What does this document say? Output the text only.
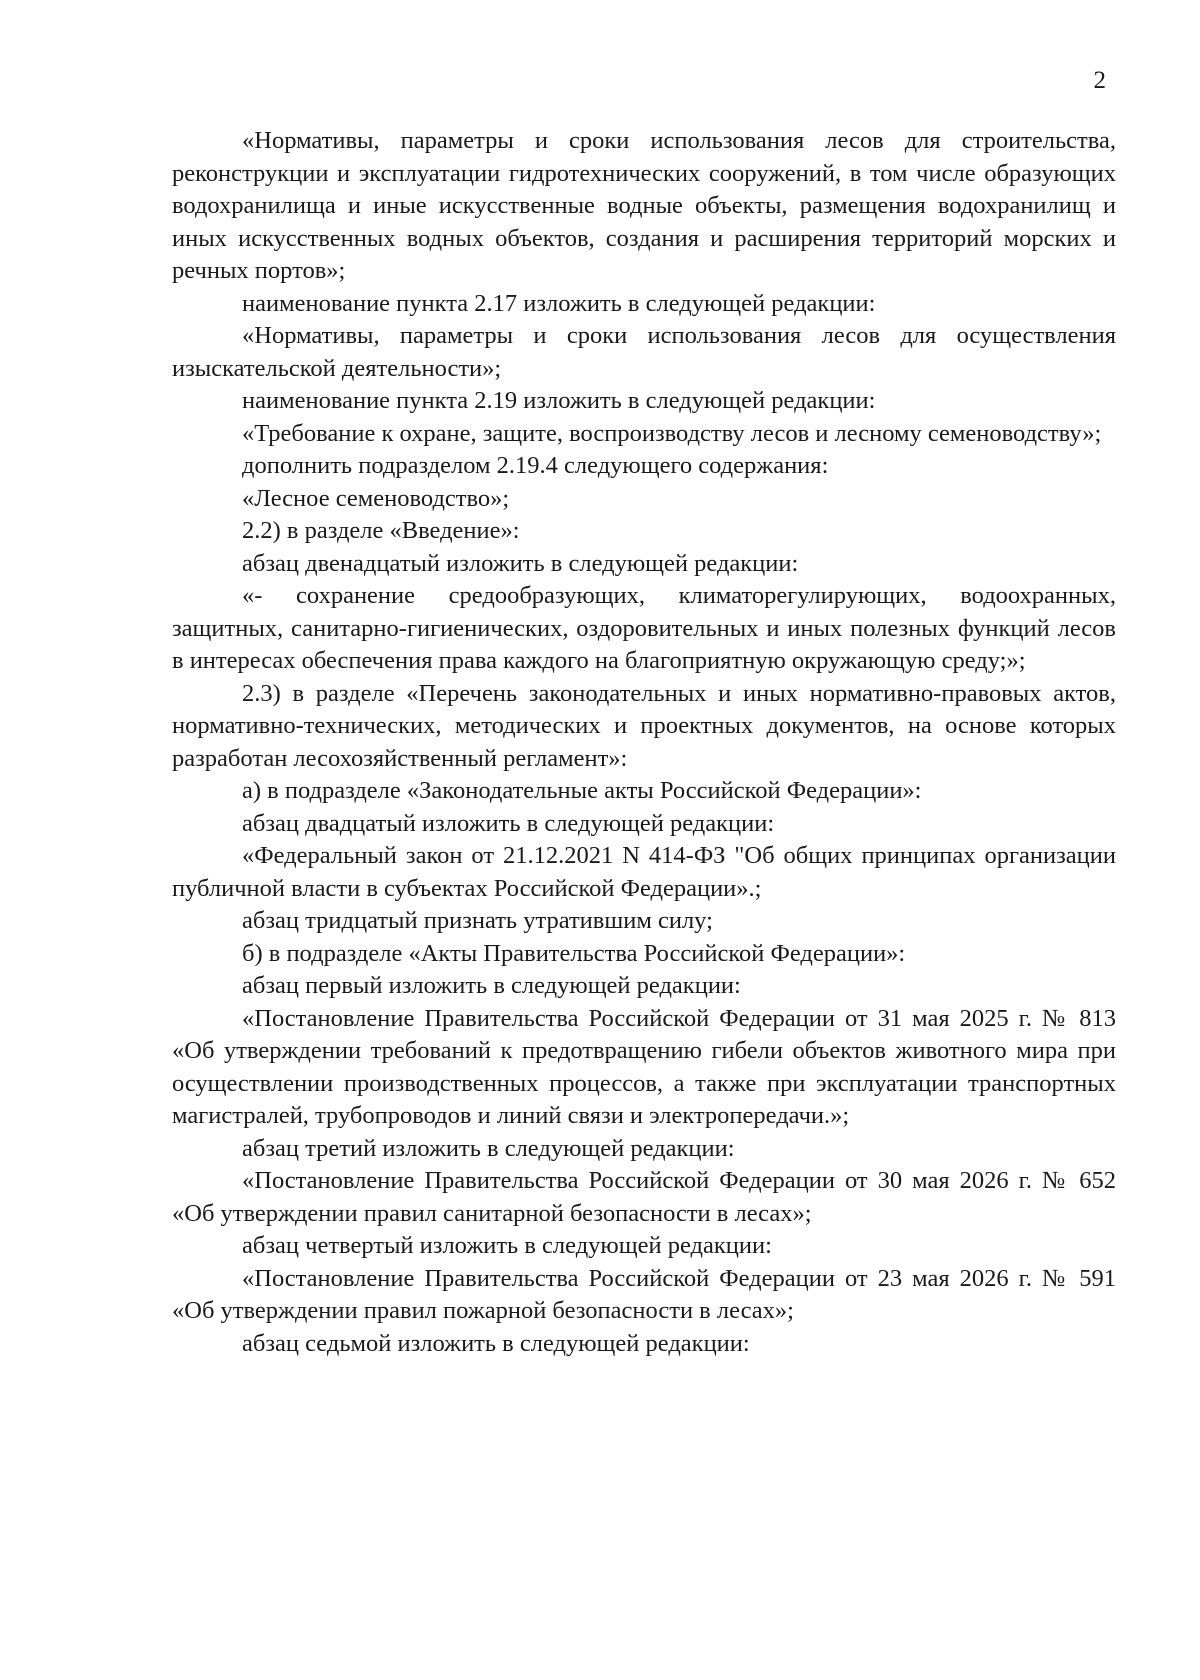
2

«Нормативы, параметры и сроки использования лесов для строительства, реконструкции и эксплуатации гидротехнических сооружений, в том числе образующих водохранилища и иные искусственные водные объекты, размещения водохранилищ и иных искусственных водных объектов, создания и расширения территорий морских и речных портов»;

наименование пункта 2.17 изложить в следующей редакции:

«Нормативы, параметры и сроки использования лесов для осуществления изыскательской деятельности»;

наименование пункта 2.19 изложить в следующей редакции:

«Требование к охране, защите, воспроизводству лесов и лесному семеноводству»;

дополнить подразделом 2.19.4 следующего содержания:

«Лесное семеноводство»;

2.2) в разделе «Введение»:

абзац двенадцатый изложить в следующей редакции:

«- сохранение средообразующих, климаторегулирующих, водоохранных, защитных, санитарно-гигиенических, оздоровительных и иных полезных функций лесов в интересах обеспечения права каждого на благоприятную окружающую среду;»;

2.3) в разделе «Перечень законодательных и иных нормативно-правовых актов, нормативно-технических, методических и проектных документов, на основе которых разработан лесохозяйственный регламент»:

а) в подразделе «Законодательные акты Российской Федерации»:

абзац двадцатый изложить в следующей редакции:

«Федеральный закон от 21.12.2021 N 414-ФЗ "Об общих принципах организации публичной власти в субъектах Российской Федерации».;

абзац тридцатый признать утратившим силу;

б) в подразделе «Акты Правительства Российской Федерации»:

абзац первый изложить в следующей редакции:

«Постановление Правительства Российской Федерации от 31 мая 2025 г. № 813 «Об утверждении требований к предотвращению гибели объектов животного мира при осуществлении производственных процессов, а также при эксплуатации транспортных магистралей, трубопроводов и линий связи и электропередачи.»;

абзац третий изложить в следующей редакции:

«Постановление Правительства Российской Федерации от 30 мая 2026 г. № 652 «Об утверждении правил санитарной безопасности в лесах»;

абзац четвертый изложить в следующей редакции:

«Постановление Правительства Российской Федерации от 23 мая 2026 г. № 591 «Об утверждении правил пожарной безопасности в лесах»;

абзац седьмой изложить в следующей редакции:
